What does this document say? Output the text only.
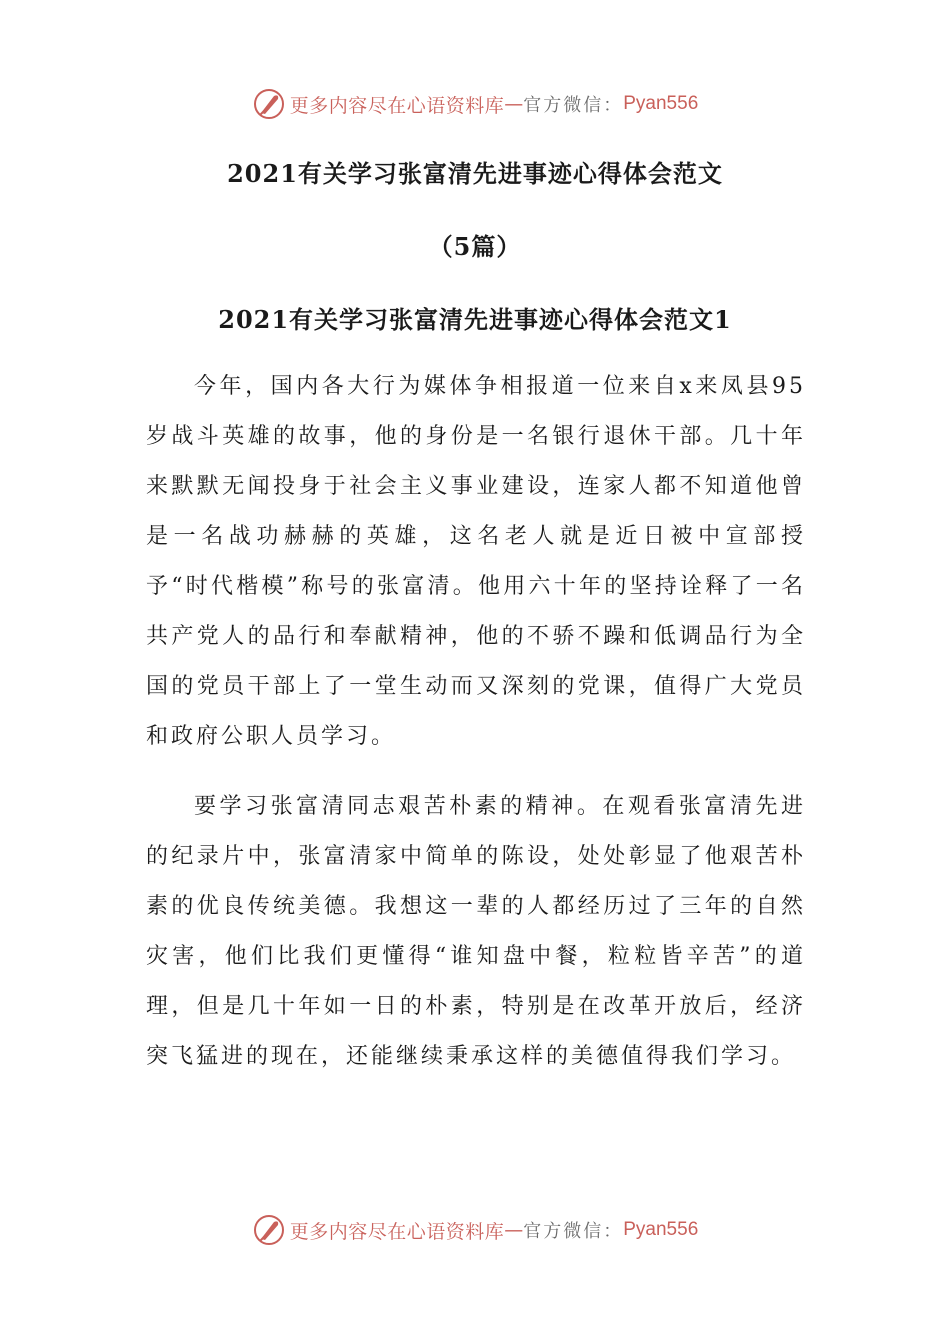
更多内容尽在心语资料库 — 官方微信： Pyan556
2021有关学习张富清先进事迹心得体会范文
（5篇）
2021有关学习张富清先进事迹心得体会范文1

今年，国内各大行为媒体争相报道一位来自x来凤县95岁战斗英雄的故事，他的身份是一名银行退休干部。几十年来默默无闻投身于社会主义事业建设，连家人都不知道他曾是一名战功赫赫的英雄，这名老人就是近日被中宣部授予“时代楷模”称号的张富清。他用六十年的坚持诠释了一名共产党人的品行和奉献精神，他的不骄不躁和低调品行为全国的党员干部上了一堂生动而又深刻的党课，值得广大党员和政府公职人员学习。

要学习张富清同志艰苦朴素的精神。在观看张富清先进的纪录片中，张富清家中简单的陈设，处处彰显了他艰苦朴素的优良传统美德。我想这一辈的人都经历过了三年的自然灾害，他们比我们更懂得“谁知盘中餐，粒粒皆辛苦”的道理，但是几十年如一日的朴素，特别是在改革开放后，经济突飞猛进的现在，还能继续秉承这样的美德值得我们学习。

更多内容尽在心语资料库 — 官方微信： Pyan556
